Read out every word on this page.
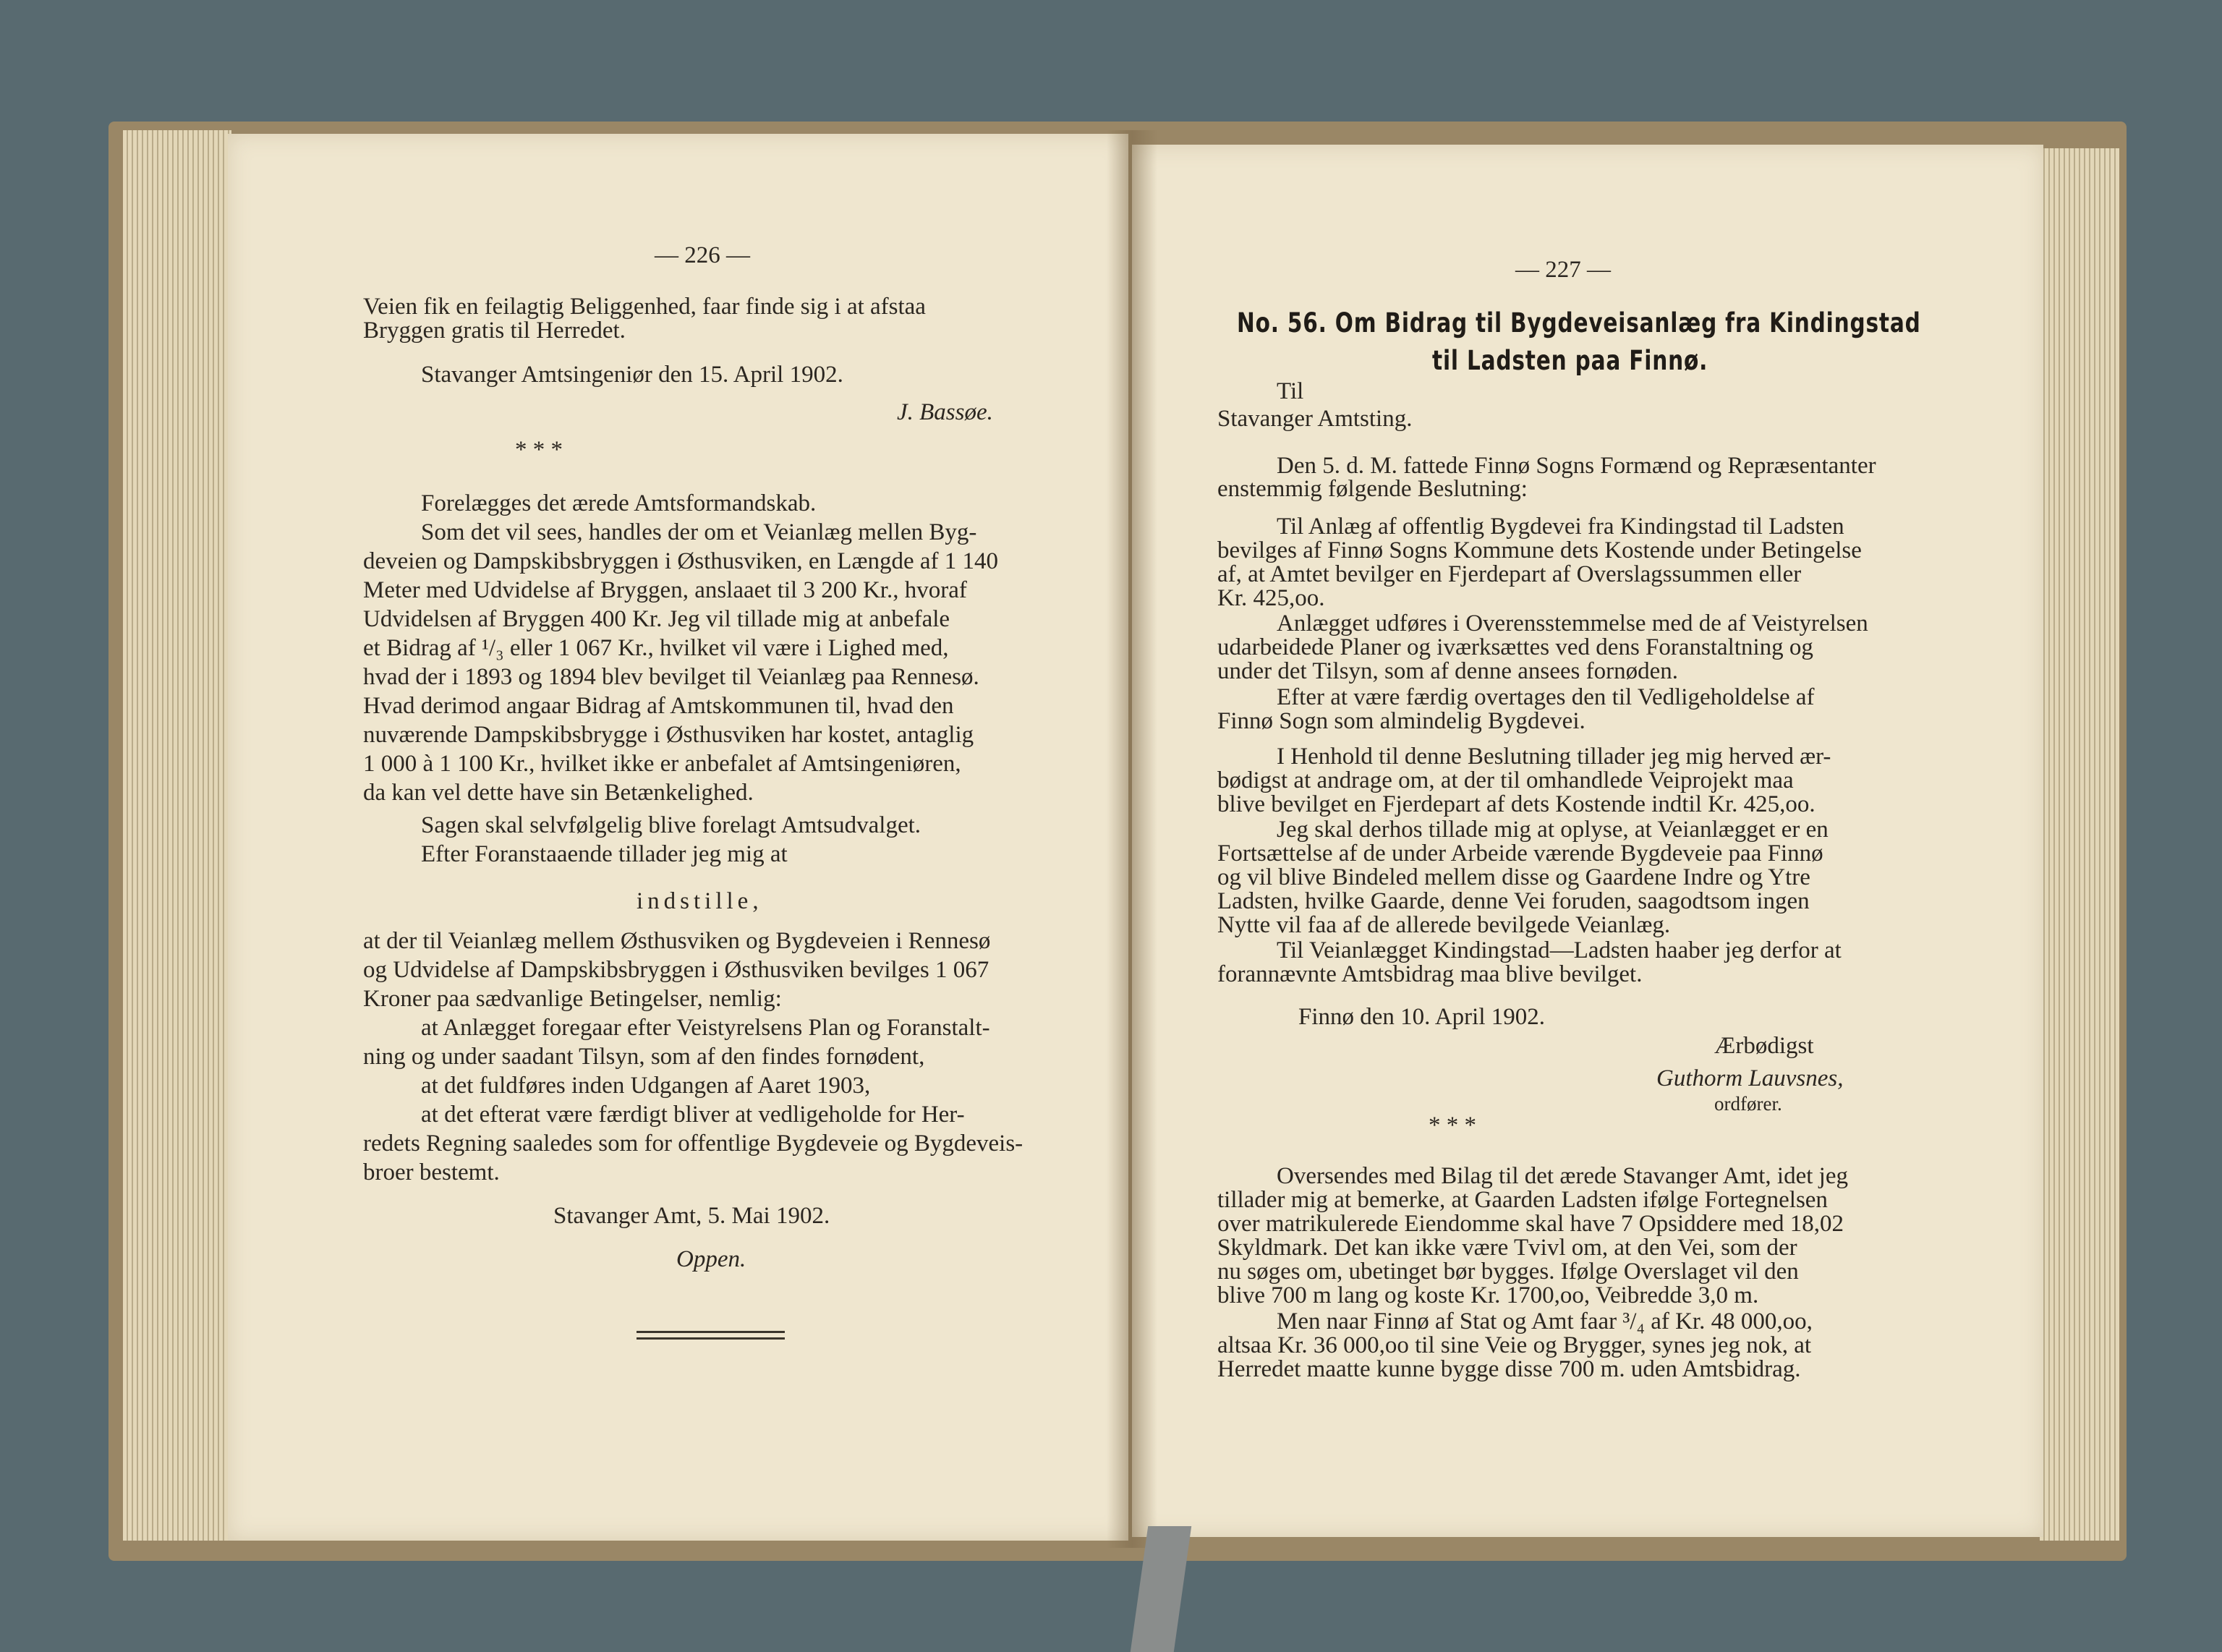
— 226 —
Veien fik en feilagtig Beliggenhed, faar finde sig i at afstaa
Bryggen gratis til Herredet.
Stavanger Amtsingeniør den 15. April 1902.
J. Bassøe.
* * *
Forelægges det ærede Amtsformandskab.
Som det vil sees, handles der om et Veianlæg mellen Byg-
deveien og Dampskibsbryggen i Østhusviken, en Længde af 1 140
Meter med Udvidelse af Bryggen, anslaaet til 3 200 Kr., hvoraf
Udvidelsen af Bryggen 400 Kr. Jeg vil tillade mig at anbefale
et Bidrag af ¹/₃ eller 1 067 Kr., hvilket vil være i Lighed med,
hvad der i 1893 og 1894 blev bevilget til Veianlæg paa Rennesø.
Hvad derimod angaar Bidrag af Amtskommunen til, hvad den
nuværende Dampskibsbrygge i Østhusviken har kostet, antaglig
1 000 à 1 100 Kr., hvilket ikke er anbefalet af Amtsingeniøren,
da kan vel dette have sin Betænkelighed.
Sagen skal selvfølgelig blive forelagt Amtsudvalget.
Efter Foranstaaende tillader jeg mig at
indstille,
at der til Veianlæg mellem Østhusviken og Bygdeveien i Rennesø
og Udvidelse af Dampskibsbryggen i Østhusviken bevilges 1 067
Kroner paa sædvanlige Betingelser, nemlig:
at Anlægget foregaar efter Veistyrelsens Plan og Foranstalt-
ning og under saadant Tilsyn, som af den findes fornødent,
at det fuldføres inden Udgangen af Aaret 1903,
at det efterat være færdigt bliver at vedligeholde for Her-
redets Regning saaledes som for offentlige Bygdeveie og Bygdeveis-
broer bestemt.
Stavanger Amt, 5. Mai 1902.
Oppen.
— 227 —
No. 56. Om Bidrag til Bygdeveisanlæg fra Kindingstad
til Ladsten paa Finnø.
Til
Stavanger Amtsting.
Den 5. d. M. fattede Finnø Sogns Formænd og Repræsentanter
enstemmig følgende Beslutning:
Til Anlæg af offentlig Bygdevei fra Kindingstad til Ladsten
bevilges af Finnø Sogns Kommune dets Kostende under Betingelse
af, at Amtet bevilger en Fjerdepart af Overslagssummen eller
Kr. 425,oo.
Anlægget udføres i Overensstemmelse med de af Veistyrelsen
udarbeidede Planer og iværksættes ved dens Foranstaltning og
under det Tilsyn, som af denne ansees fornøden.
Efter at være færdig overtages den til Vedligeholdelse af
Finnø Sogn som almindelig Bygdevei.
I Henhold til denne Beslutning tillader jeg mig herved ær-
bødigst at andrage om, at der til omhandlede Veiprojekt maa
blive bevilget en Fjerdepart af dets Kostende indtil Kr. 425,oo.
Jeg skal derhos tillade mig at oplyse, at Veianlægget er en
Fortsættelse af de under Arbeide værende Bygdeveie paa Finnø
og vil blive Bindeled mellem disse og Gaardene Indre og Ytre
Ladsten, hvilke Gaarde, denne Vei foruden, saagodtsom ingen
Nytte vil faa af de allerede bevilgede Veianlæg.
Til Veianlægget Kindingstad—Ladsten haaber jeg derfor at
forannævnte Amtsbidrag maa blive bevilget.
Finnø den 10. April 1902.
Ærbødigst
Guthorm Lauvsnes,
ordfører.
* * *
Oversendes med Bilag til det ærede Stavanger Amt, idet jeg
tillader mig at bemerke, at Gaarden Ladsten ifølge Fortegnelsen
over matrikulerede Eiendomme skal have 7 Opsiddere med 18,02
Skyldmark. Det kan ikke være Tvivl om, at den Vei, som der
nu søges om, ubetinget bør bygges. Ifølge Overslaget vil den
blive 700 m lang og koste Kr. 1700,oo, Veibredde 3,0 m.
Men naar Finnø af Stat og Amt faar ³/₄ af Kr. 48 000,oo,
altsaa Kr. 36 000,oo til sine Veie og Brygger, synes jeg nok, at
Herredet maatte kunne bygge disse 700 m. uden Amtsbidrag.
